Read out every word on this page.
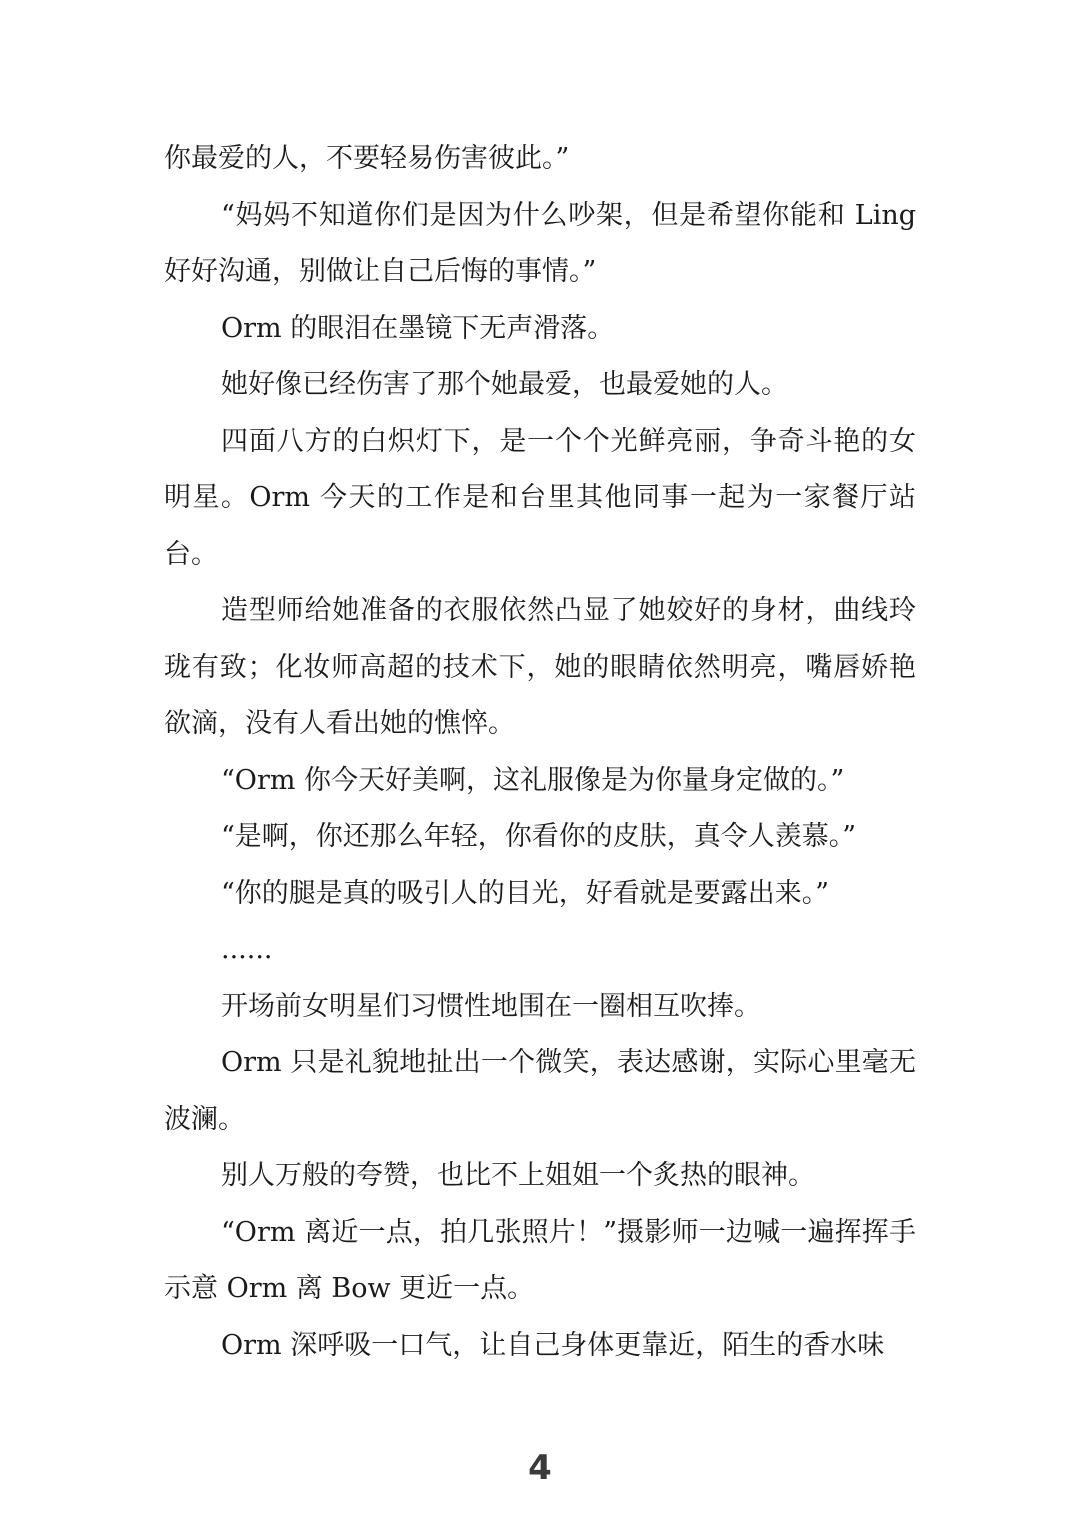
你最爱的人，不要轻易伤害彼此。”

“妈妈不知道你们是因为什么吵架，但是希望你能和 Ling 好好沟通，别做让自己后悔的事情。”

Orm 的眼泪在墨镜下无声滑落。

她好像已经伤害了那个她最爱，也最爱她的人。

四面八方的白炽灯下，是一个个光鲜亮丽，争奇斗艳的女明星。Orm 今天的工作是和台里其他同事一起为一家餐厅站台。

造型师给她准备的衣服依然凸显了她姣好的身材，曲线玲珑有致；化妆师高超的技术下，她的眼睛依然明亮，嘴唇娇艳欲滴，没有人看出她的憔悴。

“Orm 你今天好美啊，这礼服像是为你量身定做的。”

“是啊，你还那么年轻，你看你的皮肤，真令人羡慕。”

“你的腿是真的吸引人的目光，好看就是要露出来。”

......

开场前女明星们习惯性地围在一圈相互吹捧。

Orm 只是礼貌地扯出一个微笑，表达感谢，实际心里毫无波澜。

别人万般的夸赞，也比不上姐姐一个炙热的眼神。

“Orm 离近一点，拍几张照片！”摄影师一边喊一遍挥挥手示意 Orm 离 Bow 更近一点。

Orm 深呼吸一口气，让自己身体更靠近，陌生的香水味

4
